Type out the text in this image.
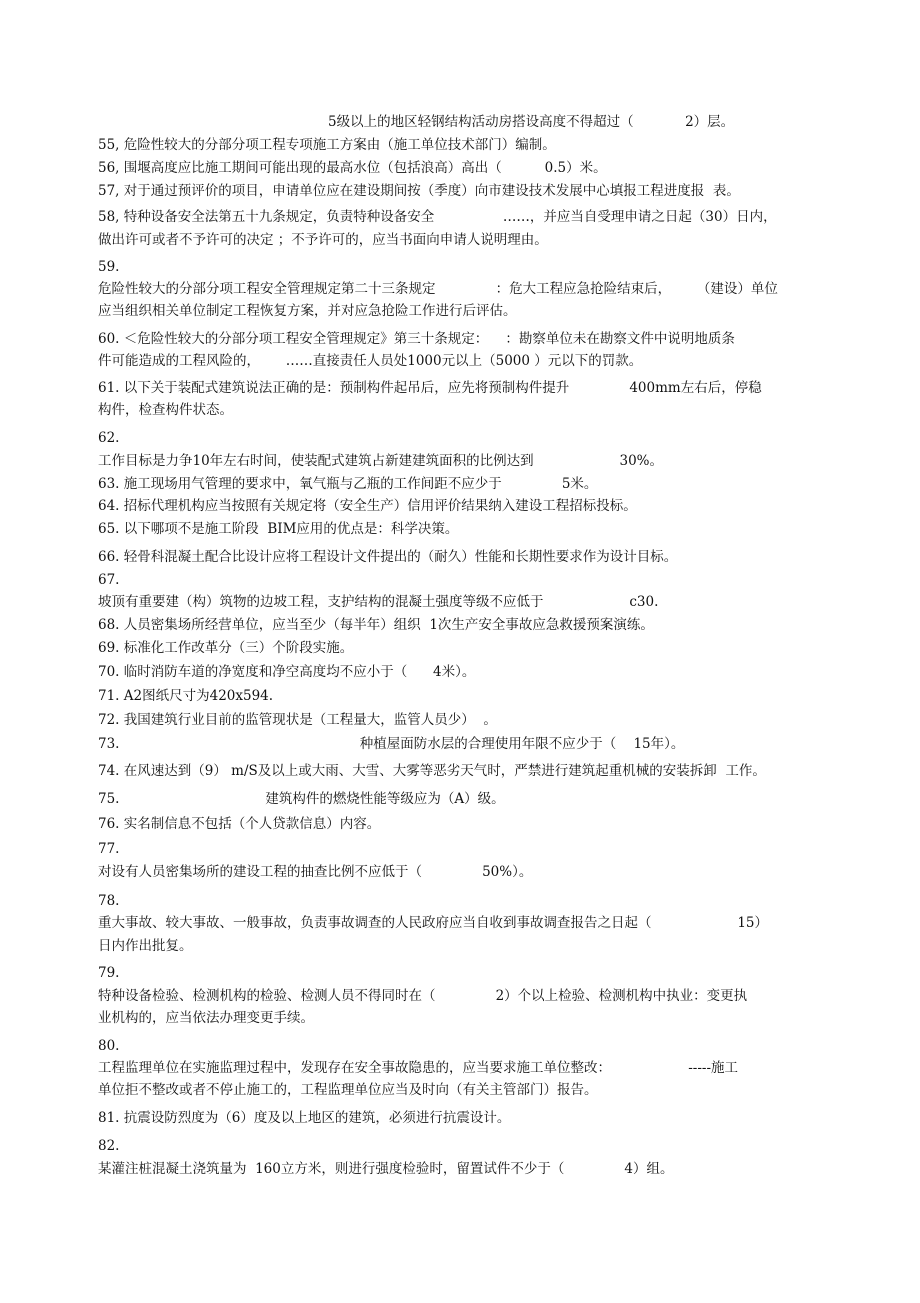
5级以上的地区轻钢结构活动房搭设高度不得超过（            2）层。
55, 危险性较大的分部分项工程专项施工方案由（施工单位技术部门）编制。
56, 围堰高度应比施工期间可能出现的最高水位（包括浪高）高出（          0.5）米。
57, 对于通过预评价的项目，申请单位应在建设期间按（季度）向市建设技术发展中心填报工程进度报  表。
58, 特种设备安全法第五十九条规定，负责特种设备安全                ……，并应当自受理申请之日起（30）日内，
做出许可或者不予许可的决定 ；不予许可的，应当书面向申请人说明理由。
59.
危险性较大的分部分项工程安全管理规定第二十三条规定              ：危大工程应急抢险结束后，      （建设）单位
应当组织相关单位制定工程恢复方案，并对应急抢险工作进行后评估。
60. ＜危险性较大的分部分项工程安全管理规定》第三十条规定：    ：勘察单位未在勘察文件中说明地质条
件可能造成的工程风险的，      ……直接责任人员处1000元以上（5000 ）元以下的罚款。
61. 以下关于装配式建筑说法正确的是：预制构件起吊后，应先将预制构件提升              400mm左右后，停稳
构件，检查构件状态。
62.
工作目标是力争10年左右时间，使装配式建筑占新建建筑面积的比例达到                    30%。
63. 施工现场用气管理的要求中，氧气瓶与乙瓶的工作间距不应少于              5米。
64. 招标代理机构应当按照有关规定将（安全生产）信用评价结果纳入建设工程招标投标。
65. 以下哪项不是施工阶段  BIM应用的优点是：科学决策。
66. 轻骨科混凝土配合比设计应将工程设计文件提出的（耐久）性能和长期性要求作为设计目标。
67.
坡顶有重要建（构）筑物的边坡工程，支护结构的混凝土强度等级不应低于                    c30.
68. 人员密集场所经营单位，应当至少（每半年）组织  1次生产安全事故应急救援预案演练。
69. 标准化工作改革分（三）个阶段实施。
70. 临时消防车道的净宽度和净空高度均不应小于（      4米）。
71. A2图纸尺寸为420x594.
72. 我国建筑行业目前的监管现状是（工程量大，监管人员少）  。
73.                                                        种植屋面防水层的合理使用年限不应少于（    15年）。
74. 在风速达到（9） m/S及以上或大雨、大雪、大雾等恶劣天气时，严禁进行建筑起重机械的安装拆卸  工作。
75.                                  建筑构件的燃烧性能等级应为（A）级。
76. 实名制信息不包括（个人贷款信息）内容。
77.
对设有人员密集场所的建设工程的抽查比例不应低于（              50%）。
78.
重大事故、较大事故、一般事故，负责事故调查的人民政府应当自收到事故调查报告之日起（                    15）
日内作出批复。
79.
特种设备检验、检测机构的检验、检测人员不得同时在（              2）个以上检验、检测机构中执业：变更执
业机构的，应当依法办理变更手续。
80.
工程监理单位在实施监理过程中，发现存在安全事故隐患的，应当要求施工单位整改：                  -----施工
单位拒不整改或者不停止施工的，工程监理单位应当及时向（有关主管部门）报告。
81. 抗震设防烈度为（6）度及以上地区的建筑，必须进行抗震设计。
82.
某灌注桩混凝土浇筑量为  160立方米，则进行强度检验时，留置试件不少于（              4）组。
